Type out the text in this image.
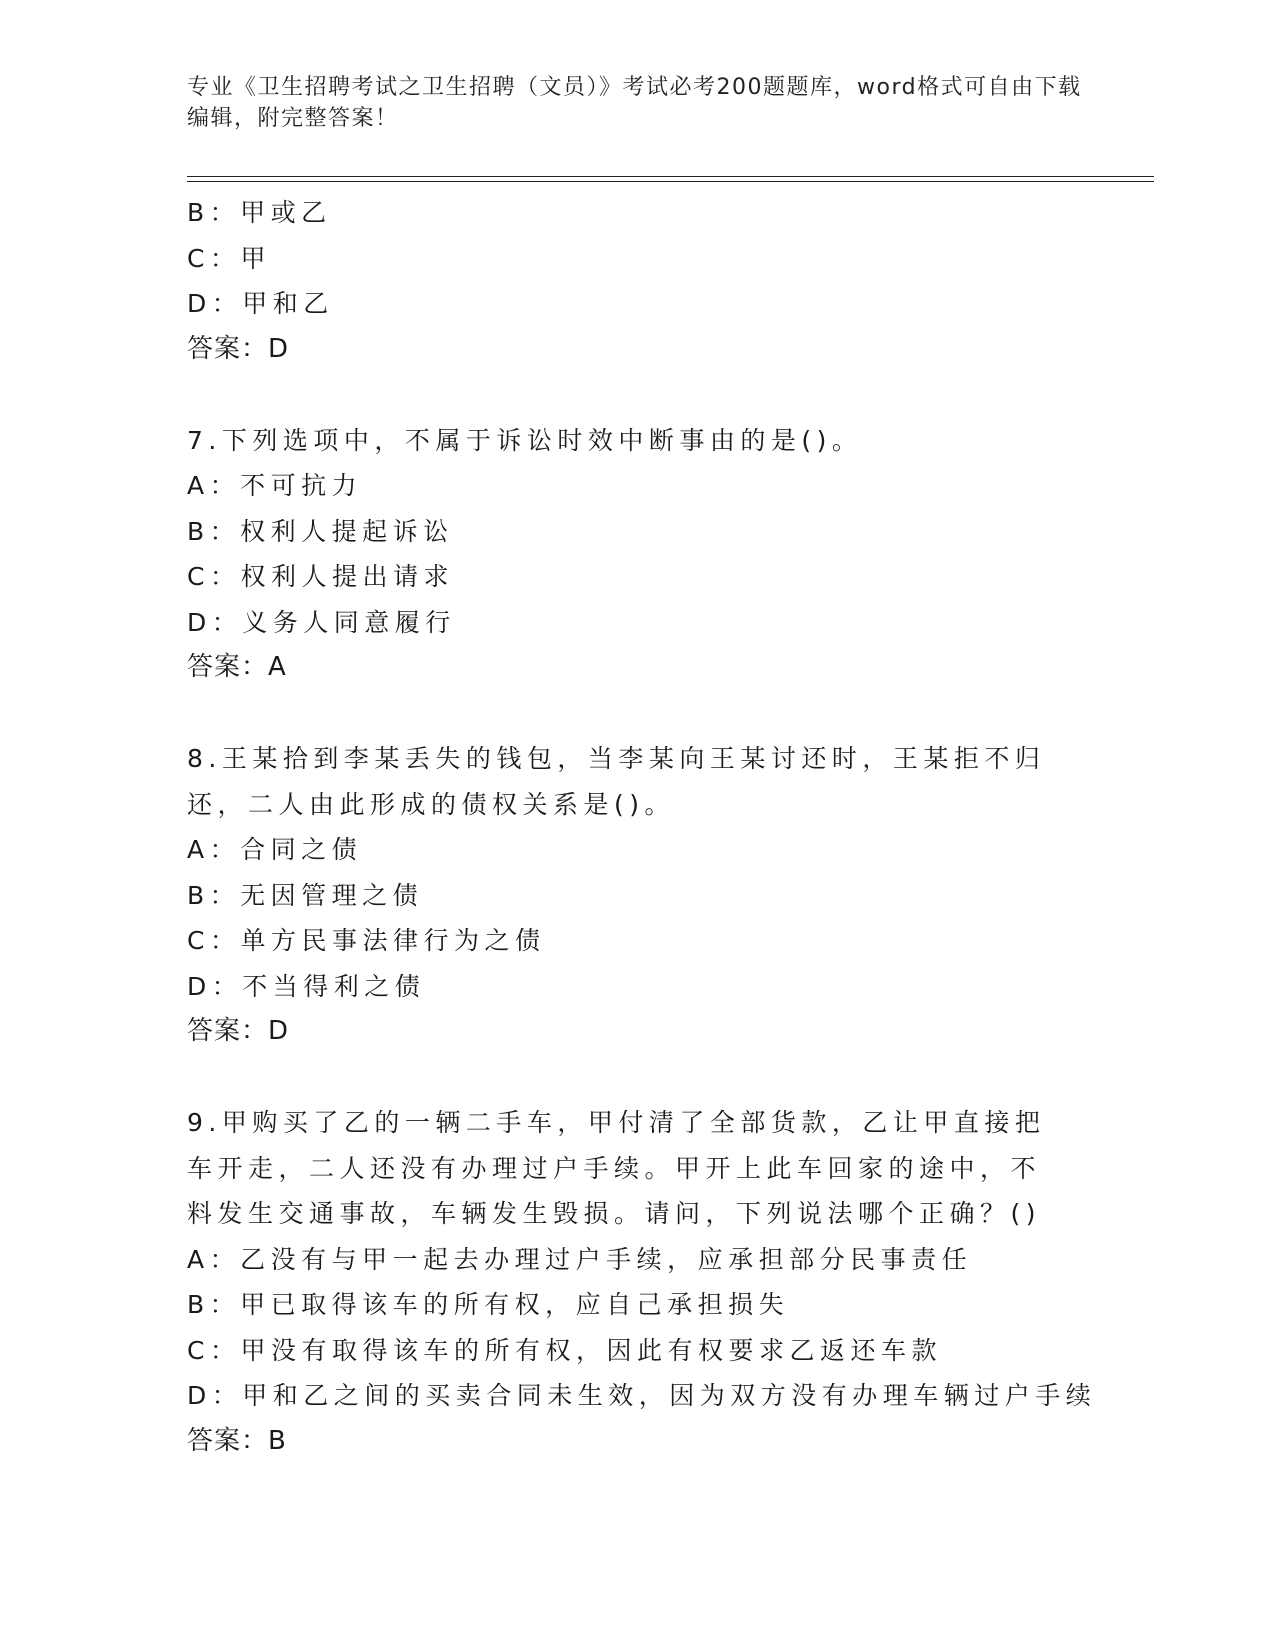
专业《卫生招聘考试之卫生招聘（文员）》考试必考200题题库，word格式可自由下载编辑，附完整答案！

B：甲或乙

C：甲

D：甲和乙

答案：D

7.下列选项中，不属于诉讼时效中断事由的是()。

A：不可抗力

B：权利人提起诉讼

C：权利人提出请求

D：义务人同意履行

答案：A

8.王某拾到李某丢失的钱包，当李某向王某讨还时，王某拒不归还，二人由此形成的债权关系是()。

A：合同之债

B：无因管理之债

C：单方民事法律行为之债

D：不当得利之债

答案：D

9.甲购买了乙的一辆二手车，甲付清了全部货款，乙让甲直接把车开走，二人还没有办理过户手续。甲开上此车回家的途中，不料发生交通事故，车辆发生毁损。请问，下列说法哪个正确？()

A：乙没有与甲一起去办理过户手续，应承担部分民事责任

B：甲已取得该车的所有权，应自己承担损失

C：甲没有取得该车的所有权，因此有权要求乙返还车款

D：甲和乙之间的买卖合同未生效，因为双方没有办理车辆过户手续

答案：B
